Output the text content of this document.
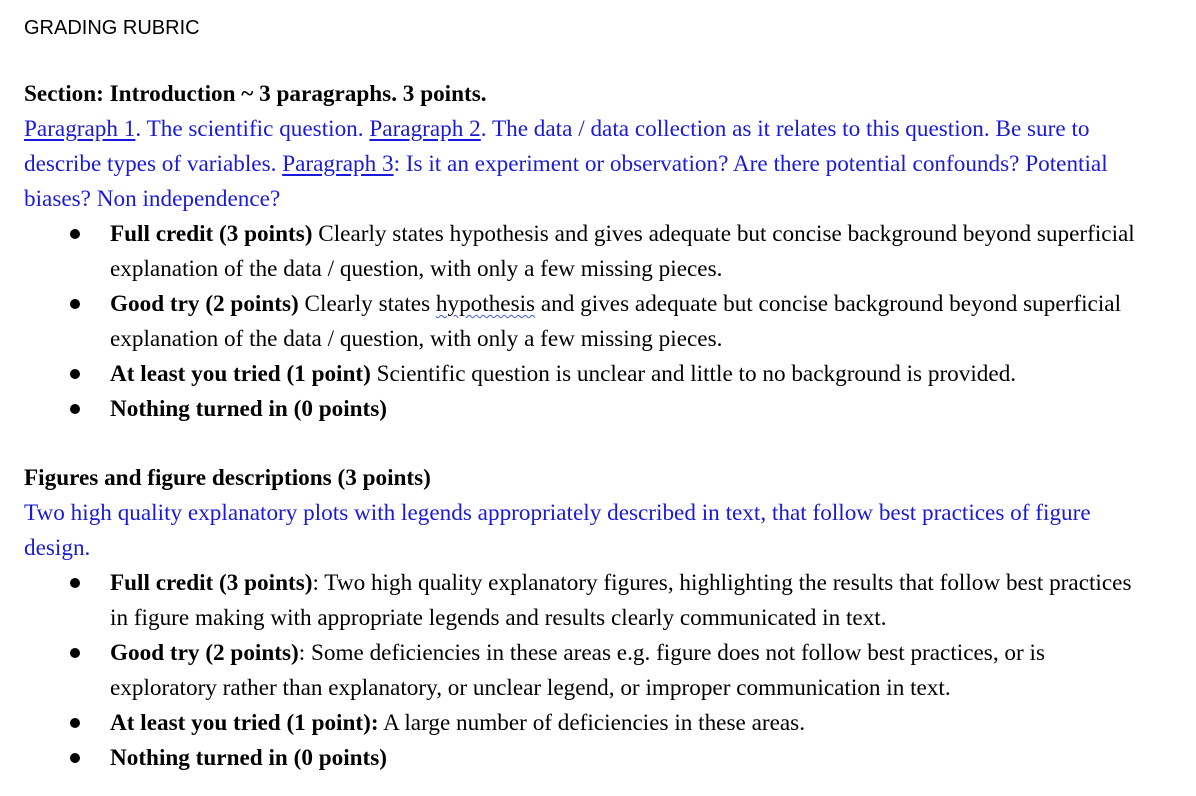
GRADING RUBRIC

Section: Introduction ~ 3 paragraphs. 3 points.

Paragraph 1. The scientific question. Paragraph 2. The data / data collection as it relates to this question. Be sure to describe types of variables. Paragraph 3: Is it an experiment or observation? Are there potential confounds? Potential biases? Non independence?

Full credit (3 points) Clearly states hypothesis and gives adequate but concise background beyond superficial explanation of the data / question, with only a few missing pieces.
Good try (2 points) Clearly states hypothesis and gives adequate but concise background beyond superficial explanation of the data / question, with only a few missing pieces.
At least you tried (1 point) Scientific question is unclear and little to no background is provided.
Nothing turned in (0 points)

Figures and figure descriptions (3 points)

Two high quality explanatory plots with legends appropriately described in text, that follow best practices of figure design.

Full credit (3 points): Two high quality explanatory figures, highlighting the results that follow best practices in figure making with appropriate legends and results clearly communicated in text.
Good try (2 points): Some deficiencies in these areas e.g. figure does not follow best practices, or is exploratory rather than explanatory, or unclear legend, or improper communication in text.
At least you tried (1 point): A large number of deficiencies in these areas.
Nothing turned in (0 points)
